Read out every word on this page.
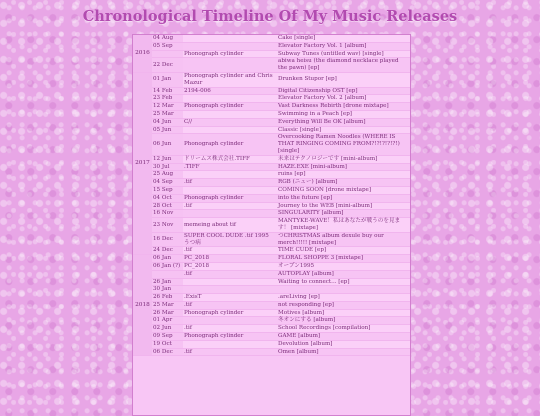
Chronological Timeline Of My Music Releases
2016	04 Aug		Cake [single]
	05 Sep		Elevator Factory Vol. 1 [album]
		Phonograph cylinder	Subway Tunes (untitled wav) [single]
	22 Dec		abiwa heisu (the diamond necklace played the pawn) [ep]
2017	01 Jan	Phonograph cylinder and Chris Mazur	Drunken Stupor [ep]
	14 Feb	2194-006	Digital Citizenship OST [ep]
	23 Feb		Elevator Factory Vol. 2 [album]
	12 Mar	Phonograph cylinder	Vast Darkness Rebirth [drone mixtape]
	25 Mar		Swimming in a Peach [ep]
	04 Jun	C//	Everything Will Be OK [album]
	05 Jun		Classic [single]
	06 Jun	Phonograph cylinder	Overcooking Ramen Noodles (WHERE IS THAT RINGING COMING FROM?!?!?!?!?!) [single]
	12 Jun	ドリームス株式会社.TIFF	未来はテクノロジーです [mini-album]
	30 Jul	.TIFF	HAZE.EXE [mini-album]
	25 Aug		ruins [ep]
	04 Sep	.tif	RGB (ニュー) [album]
	15 Sep		COMING SOON [drone mixtape]
	04 Oct	Phonograph cylinder	into the future [ep]
	28 Oct	.tif	Journey to the WEB [mini-album]
	16 Nov		SINGULARITY [album]
	23 Nov	memeing about tif	MANTYKE-WAVE！私はあなたが戦うのを見ます！ [mixtape]
	16 Dec	SUPER COOL DUDE .tif 1995 うつ病	つCHRISTMAS album dexule buy our merch!!!!! [mixtape]
	24 Dec	.tif	TIME CUDE [ep]
2018	06 Jan	PC_2018	FLORAL SHOPPE 3 [mixtape]
	06 Jan (?)	PC_2018	オープン1995
		.tif	AUTOPLAY [album]
	26 Jan		Waiting to connect... [ep]
	30 Jan		
	26 Feb	.ExisT	.areLiving [ep]
	25 Mar	.tif	not responding [ep]
	26 Mar	Phonograph cylinder	Motives [album]
	01 Apr		冬オンにする [album]
	02 Jun	.tif	School Recordings [compilation]
	09 Sep	Phonograph cylinder	GAME [album]
	19 Oct		Devolution [album]
	06 Dec	.tif	Omen [album]
